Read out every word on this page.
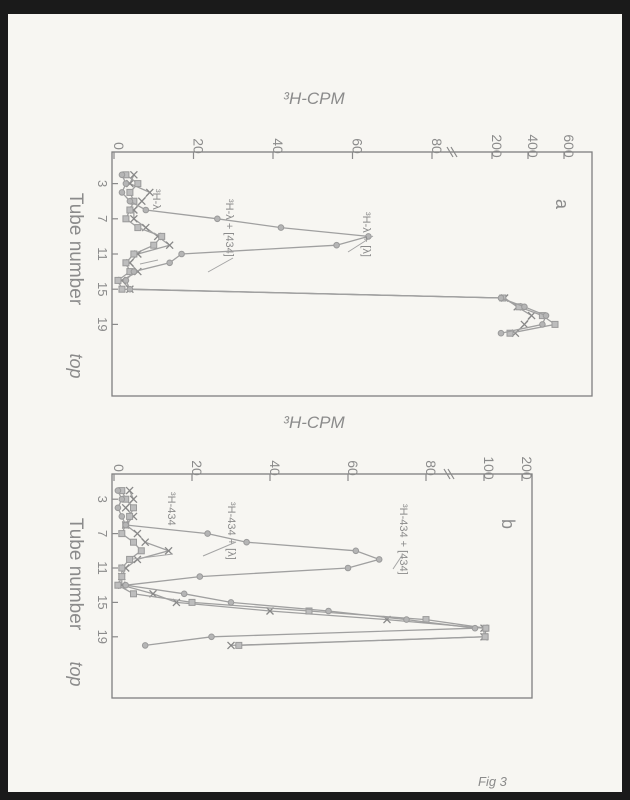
0	20	40	60	80	200 400 600
3
7
11
15
19
³H-CPM
Tube number
top
a
³H-λ	³H-λ + [434]	³H-λ + [λ]
0	20	40	60	80	100 200
3
7
11
15
19
³H-CPM
Tube number
top
b
³H-434	³H-434 + [λ]	³H-434 + [434]
Fig 3
